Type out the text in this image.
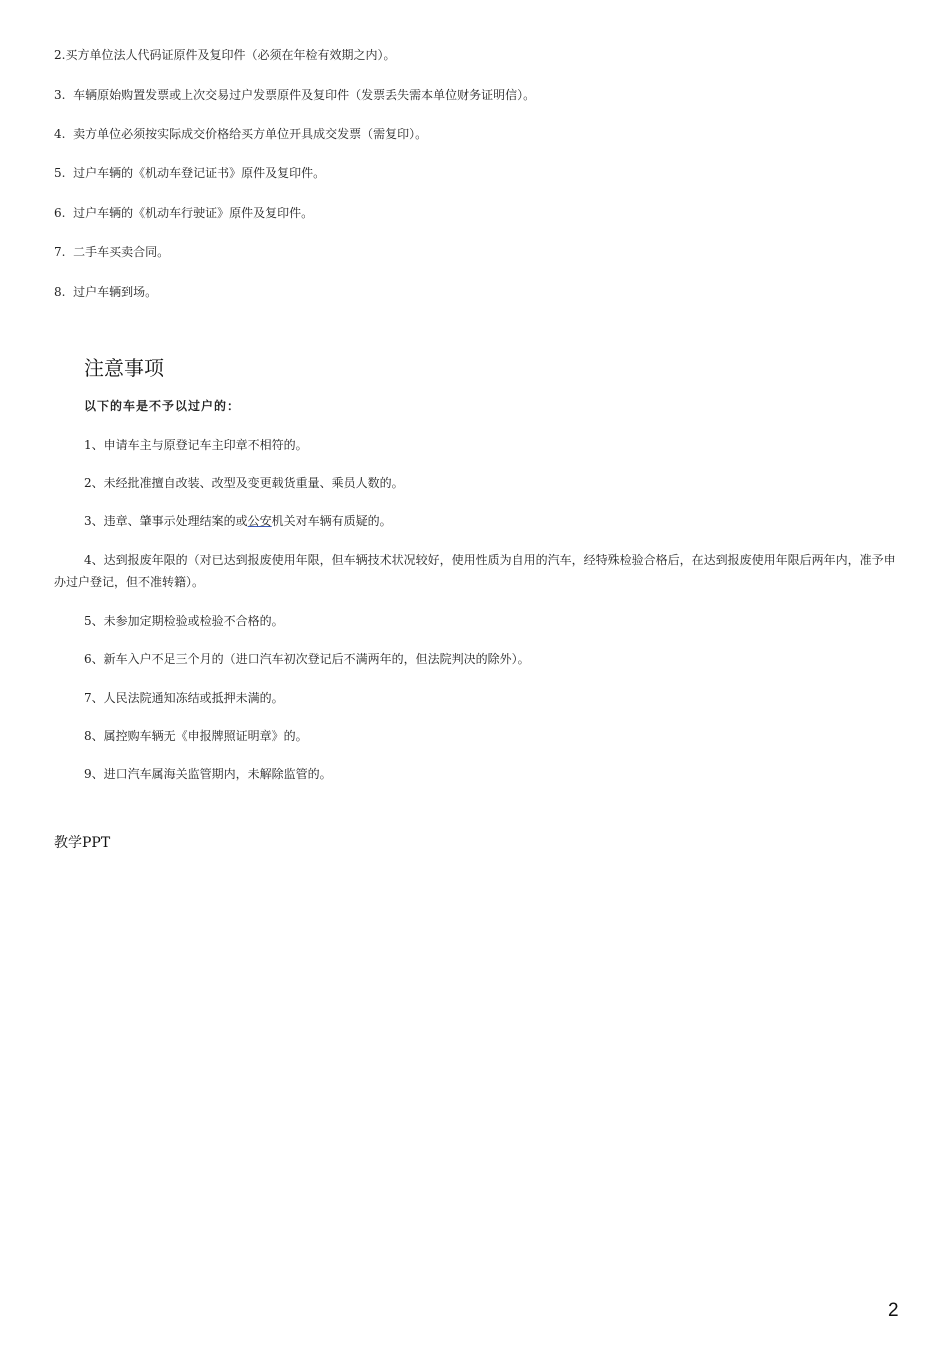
2.买方单位法人代码证原件及复印件（必须在年检有效期之内）。
3. 车辆原始购置发票或上次交易过户发票原件及复印件（发票丢失需本单位财务证明信）。
4. 卖方单位必须按实际成交价格给买方单位开具成交发票（需复印）。
5. 过户车辆的《机动车登记证书》原件及复印件。
6. 过户车辆的《机动车行驶证》原件及复印件。
7. 二手车买卖合同。
8. 过户车辆到场。
注意事项
以下的车是不予以过户的：
1、申请车主与原登记车主印章不相符的。
2、未经批准擅自改装、改型及变更载货重量、乘员人数的。
3、违章、肇事示处理结案的或公安机关对车辆有质疑的。
4、达到报废年限的（对已达到报废使用年限，但车辆技术状况较好，使用性质为自用的汽车，经特殊检验合格后，在达到报废使用年限后两年内，准予申办过户登记，但不准转籍）。
5、未参加定期检验或检验不合格的。
6、新车入户不足三个月的（进口汽车初次登记后不满两年的，但法院判决的除外）。
7、人民法院通知冻结或抵押未满的。
8、属控购车辆无《申报牌照证明章》的。
9、进口汽车属海关监管期内，未解除监管的。
教学PPT
2
